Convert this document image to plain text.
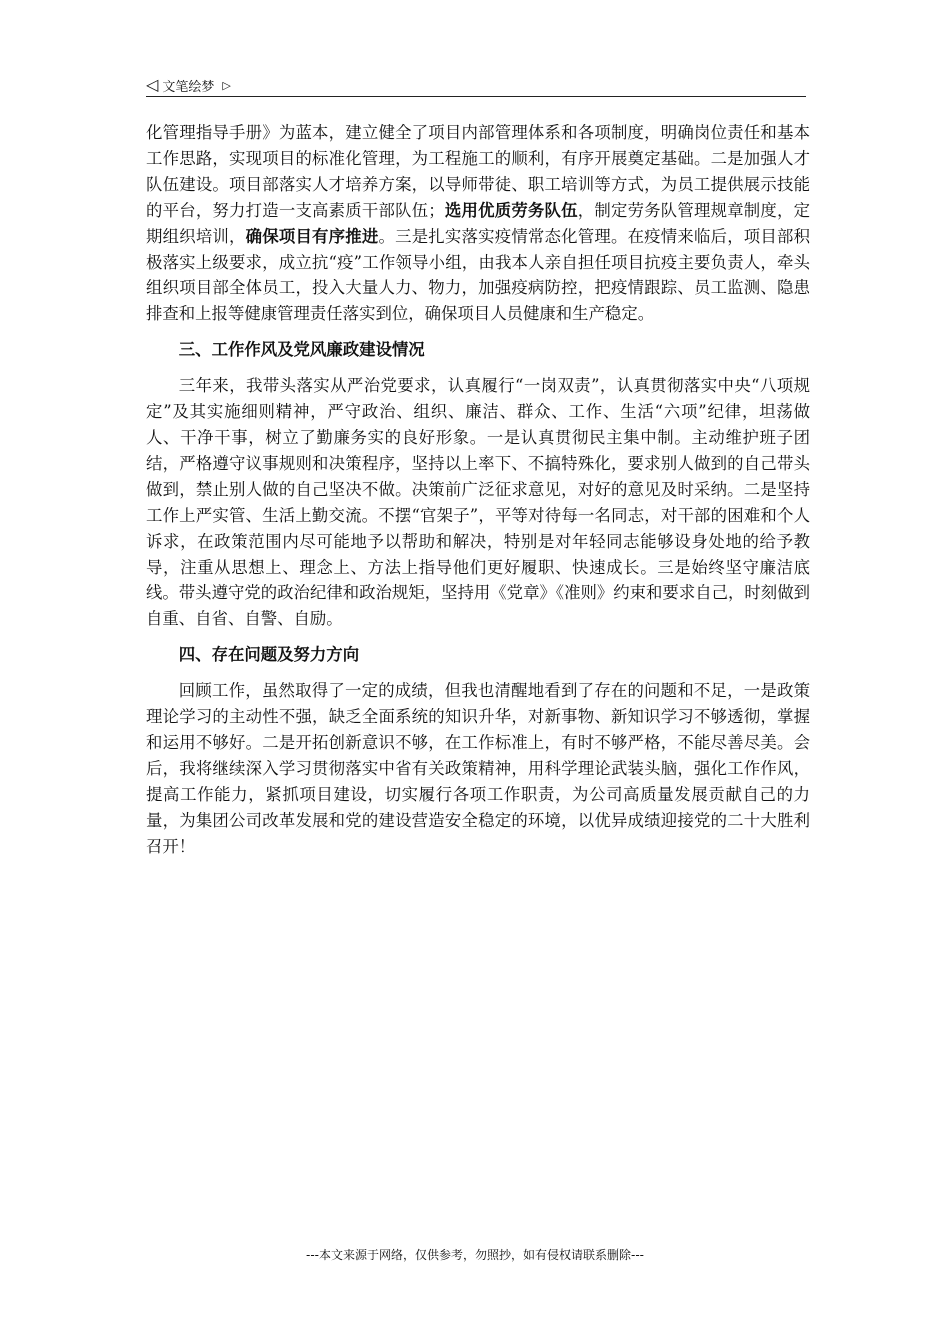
◁ 文笔绘梦 ▷

化管理指导手册》为蓝本，建立健全了项目内部管理体系和各项制度，明确岗位责任和基本工作思路，实现项目的标准化管理，为工程施工的顺利，有序开展奠定基础。二是加强人才队伍建设。项目部落实人才培养方案，以导师带徒、职工培训等方式，为员工提供展示技能的平台，努力打造一支高素质干部队伍；选用优质劳务队伍，制定劳务队管理规章制度，定期组织培训，确保项目有序推进。三是扎实落实疫情常态化管理。在疫情来临后，项目部积极落实上级要求，成立抗“疫”工作领导小组，由我本人亲自担任项目抗疫主要负责人，牵头组织项目部全体员工，投入大量人力、物力，加强疫病防控，把疫情跟踪、员工监测、隐患排查和上报等健康管理责任落实到位，确保项目人员健康和生产稳定。

三、工作作风及党风廉政建设情况

三年来，我带头落实从严治党要求，认真履行“一岗双责”，认真贯彻落实中央“八项规定”及其实施细则精神，严守政治、组织、廉洁、群众、工作、生活“六项”纪律，坦荡做人、干净干事，树立了勤廉务实的良好形象。一是认真贯彻民主集中制。主动维护班子团结，严格遵守议事规则和决策程序，坚持以上率下、不搞特殊化，要求别人做到的自己带头做到，禁止别人做的自己坚决不做。决策前广泛征求意见，对好的意见及时采纳。二是坚持工作上严实管、生活上勤交流。不摆“官架子”，平等对待每一名同志，对干部的困难和个人诉求，在政策范围内尽可能地予以帮助和解决，特别是对年轻同志能够设身处地的给予教导，注重从思想上、理念上、方法上指导他们更好履职、快速成长。三是始终坚守廉洁底线。带头遵守党的政治纪律和政治规矩，坚持用《党章》《准则》约束和要求自己，时刻做到自重、自省、自警、自励。

四、存在问题及努力方向

回顾工作，虽然取得了一定的成绩，但我也清醒地看到了存在的问题和不足，一是政策理论学习的主动性不强，缺乏全面系统的知识升华，对新事物、新知识学习不够透彻，掌握和运用不够好。二是开拓创新意识不够，在工作标准上，有时不够严格，不能尽善尽美。会后，我将继续深入学习贯彻落实中省有关政策精神，用科学理论武装头脑，强化工作作风，提高工作能力，紧抓项目建设，切实履行各项工作职责，为公司高质量发展贡献自己的力量，为集团公司改革发展和党的建设营造安全稳定的环境，以优异成绩迎接党的二十大胜利召开！

---本文来源于网络，仅供参考，勿照抄，如有侵权请联系删除---
